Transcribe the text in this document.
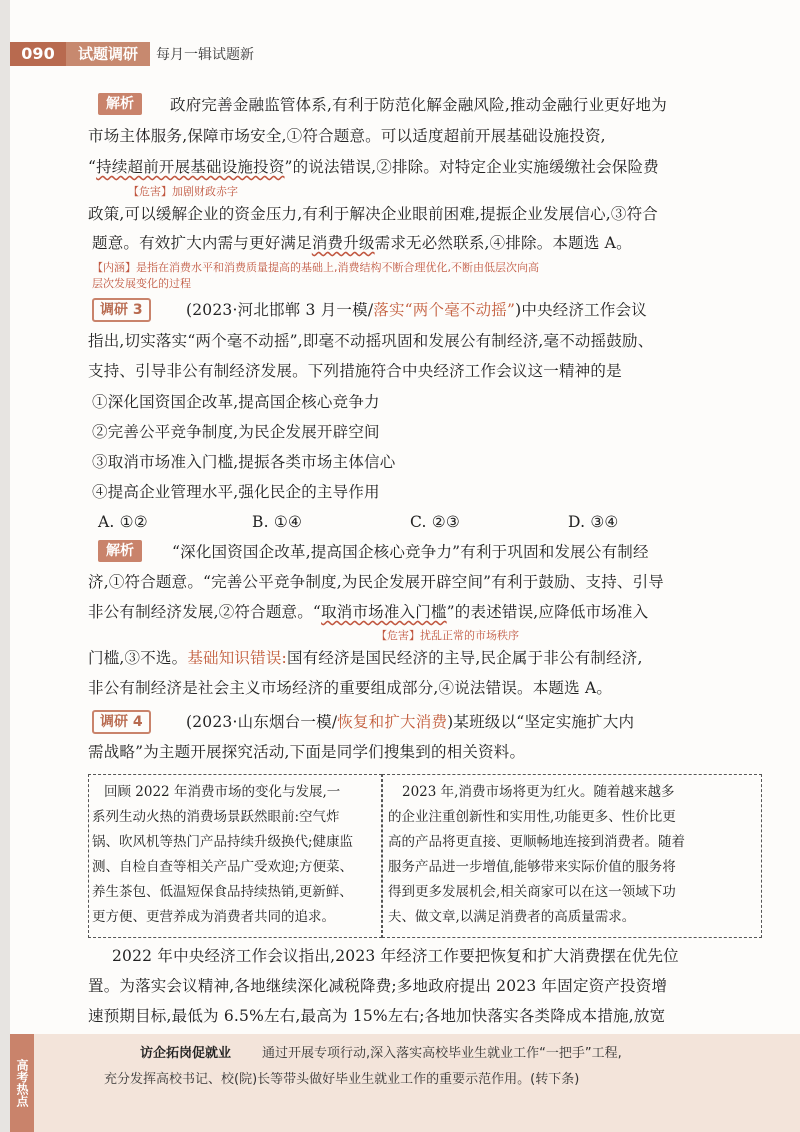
090	试题调研	每月一辑试题新
解析	政府完善金融监管体系,有利于防范化解金融风险,推动金融行业更好地为
市场主体服务,保障市场安全,①符合题意。可以适度超前开展基础设施投资,
“持续超前开展基础设施投资”的说法错误,②排除。对特定企业实施缓缴社会保险费
【危害】加剧财政赤字
政策,可以缓解企业的资金压力,有利于解决企业眼前困难,提振企业发展信心,③符合
题意。有效扩大内需与更好满足消费升级需求无必然联系,④排除。本题选 A。
【内涵】是指在消费水平和消费质量提高的基础上,消费结构不断合理优化,不断由低层次向高
层次发展变化的过程
调研 3	(2023·河北邯郸 3 月一模/落实“两个毫不动摇”)中央经济工作会议
指出,切实落实“两个毫不动摇”,即毫不动摇巩固和发展公有制经济,毫不动摇鼓励、
支持、引导非公有制经济发展。下列措施符合中央经济工作会议这一精神的是
①深化国资国企改革,提高国企核心竞争力
②完善公平竞争制度,为民企发展开辟空间
③取消市场准入门槛,提振各类市场主体信心
④提高企业管理水平,强化民企的主导作用
A. ①②	B. ①④	C. ②③	D. ③④
解析	“深化国资国企改革,提高国企核心竞争力”有利于巩固和发展公有制经
济,①符合题意。“完善公平竞争制度,为民企发展开辟空间”有利于鼓励、支持、引导
非公有制经济发展,②符合题意。“取消市场准入门槛”的表述错误,应降低市场准入
【危害】扰乱正常的市场秩序
门槛,③不选。基础知识错误:国有经济是国民经济的主导,民企属于非公有制经济,
非公有制经济是社会主义市场经济的重要组成部分,④说法错误。本题选 A。
调研 4	(2023·山东烟台一模/恢复和扩大消费)某班级以“坚定实施扩大内
需战略”为主题开展探究活动,下面是同学们搜集到的相关资料。
回顾 2022 年消费市场的变化与发展,一
系列生动火热的消费场景跃然眼前:空气炸
锅、吹风机等热门产品持续升级换代;健康监
测、自检自查等相关产品广受欢迎;方便菜、
养生茶包、低温短保食品持续热销,更新鲜、
更方便、更营养成为消费者共同的追求。
2023 年,消费市场将更为红火。随着越来越多
的企业注重创新性和实用性,功能更多、性价比更
高的产品将更直接、更顺畅地连接到消费者。随着
服务产品进一步增值,能够带来实际价值的服务将
得到更多发展机会,相关商家可以在这一领域下功
夫、做文章,以满足消费者的高质量需求。
2022 年中央经济工作会议指出,2023 年经济工作要把恢复和扩大消费摆在优先位
置。为落实会议精神,各地继续深化减税降费;多地政府提出 2023 年固定资产投资增
速预期目标,最低为 6.5%左右,最高为 15%左右;各地加快落实各类降成本措施,放宽
高考热点
访企拓岗促就业 通过开展专项行动,深入落实高校毕业生就业工作“一把手”工程,
充分发挥高校书记、校(院)长等带头做好毕业生就业工作的重要示范作用。(转下条)
